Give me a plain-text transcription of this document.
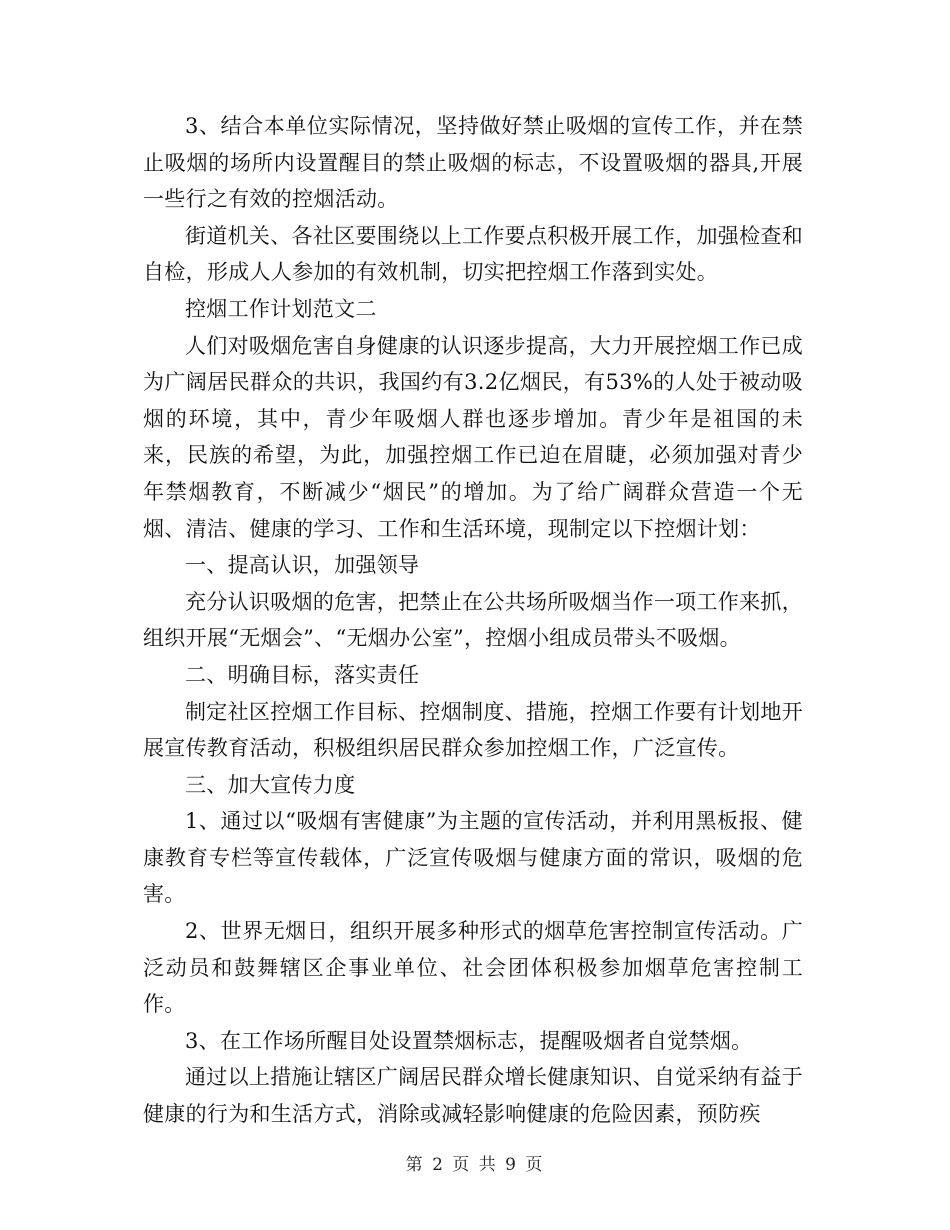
3、结合本单位实际情况，坚持做好禁止吸烟的宣传工作，并在禁止吸烟的场所内设置醒目的禁止吸烟的标志，不设置吸烟的器具,开展一些行之有效的控烟活动。

街道机关、各社区要围绕以上工作要点积极开展工作，加强检查和自检，形成人人参加的有效机制，切实把控烟工作落到实处。

控烟工作计划范文二

人们对吸烟危害自身健康的认识逐步提高，大力开展控烟工作已成为广阔居民群众的共识，我国约有3.2亿烟民，有53%的人处于被动吸烟的环境，其中，青少年吸烟人群也逐步增加。青少年是祖国的未来，民族的希望，为此，加强控烟工作已迫在眉睫，必须加强对青少年禁烟教育，不断减少“烟民”的增加。为了给广阔群众营造一个无烟、清洁、健康的学习、工作和生活环境，现制定以下控烟计划：

一、提高认识，加强领导

充分认识吸烟的危害，把禁止在公共场所吸烟当作一项工作来抓，组织开展“无烟会”、“无烟办公室”，控烟小组成员带头不吸烟。

二、明确目标，落实责任

制定社区控烟工作目标、控烟制度、措施，控烟工作要有计划地开展宣传教育活动，积极组织居民群众参加控烟工作，广泛宣传。

三、加大宣传力度

1、通过以“吸烟有害健康”为主题的宣传活动，并利用黑板报、健康教育专栏等宣传载体，广泛宣传吸烟与健康方面的常识，吸烟的危害。

2、世界无烟日，组织开展多种形式的烟草危害控制宣传活动。广泛动员和鼓舞辖区企事业单位、社会团体积极参加烟草危害控制工作。

3、在工作场所醒目处设置禁烟标志，提醒吸烟者自觉禁烟。

通过以上措施让辖区广阔居民群众增长健康知识、自觉采纳有益于健康的行为和生活方式，消除或减轻影响健康的危险因素，预防疾

第 2 页 共 9 页
